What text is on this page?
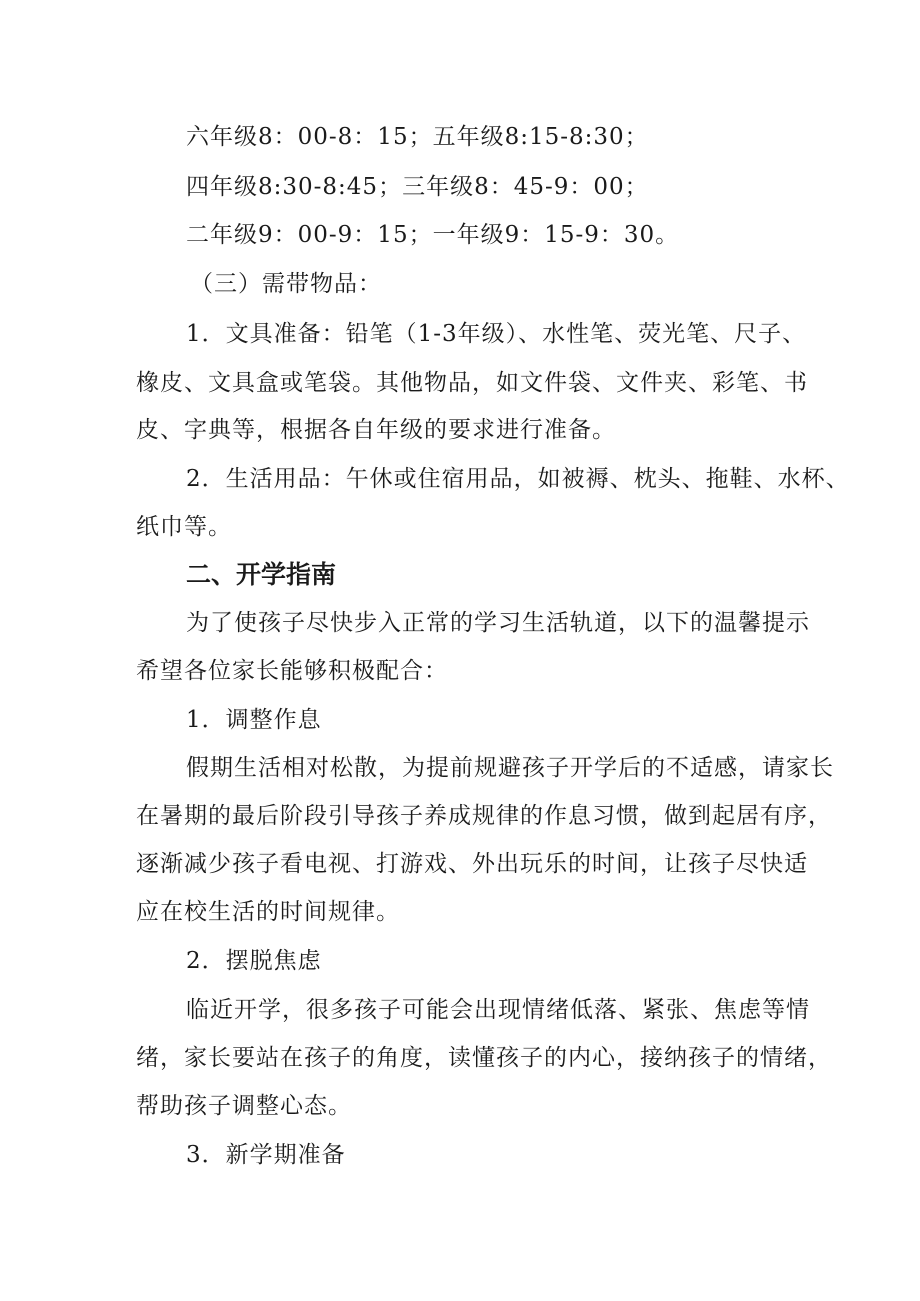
六年级8：00-8：15；五年级8:15-8:30；
四年级8:30-8:45；三年级8：45-9：00；
二年级9：00-9：15；一年级9：15-9：30。
（三）需带物品：
1．文具准备：铅笔（1-3年级）、水性笔、荧光笔、尺子、
橡皮、文具盒或笔袋。其他物品，如文件袋、文件夹、彩笔、书
皮、字典等，根据各自年级的要求进行准备。
2．生活用品：午休或住宿用品，如被褥、枕头、拖鞋、水杯、
纸巾等。
二、开学指南
为了使孩子尽快步入正常的学习生活轨道，以下的温馨提示
希望各位家长能够积极配合：
1．调整作息
假期生活相对松散，为提前规避孩子开学后的不适感，请家长
在暑期的最后阶段引导孩子养成规律的作息习惯，做到起居有序，
逐渐减少孩子看电视、打游戏、外出玩乐的时间，让孩子尽快适
应在校生活的时间规律。
2．摆脱焦虑
临近开学，很多孩子可能会出现情绪低落、紧张、焦虑等情
绪，家长要站在孩子的角度，读懂孩子的内心，接纳孩子的情绪，
帮助孩子调整心态。
3．新学期准备
